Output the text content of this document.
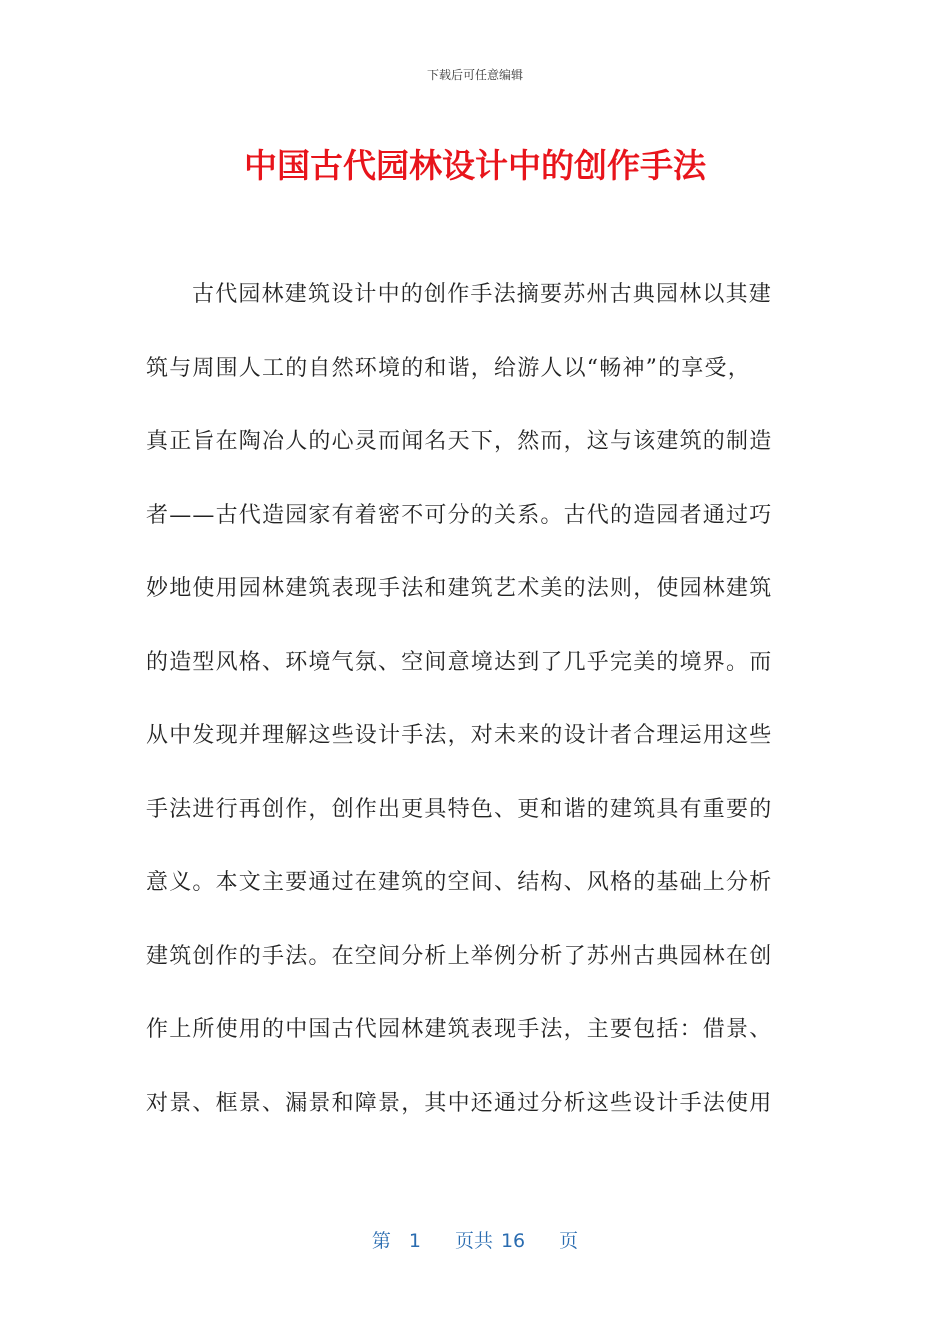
下载后可任意编辑
中国古代园林设计中的创作手法
古代园林建筑设计中的创作手法摘要苏州古典园林以其建
筑与周围人工的自然环境的和谐，给游人以“畅神”的享受，
真正旨在陶冶人的心灵而闻名天下，然而，这与该建筑的制造
者——古代造园家有着密不可分的关系。古代的造园者通过巧
妙地使用园林建筑表现手法和建筑艺术美的法则，使园林建筑
的造型风格、环境气氛、空间意境达到了几乎完美的境界。而
从中发现并理解这些设计手法，对未来的设计者合理运用这些
手法进行再创作，创作出更具特色、更和谐的建筑具有重要的
意义。本文主要通过在建筑的空间、结构、风格的基础上分析
建筑创作的手法。在空间分析上举例分析了苏州古典园林在创
作上所使用的中国古代园林建筑表现手法，主要包括：借景、
对景、框景、漏景和障景，其中还通过分析这些设计手法使用
第 1 页共 16 页
